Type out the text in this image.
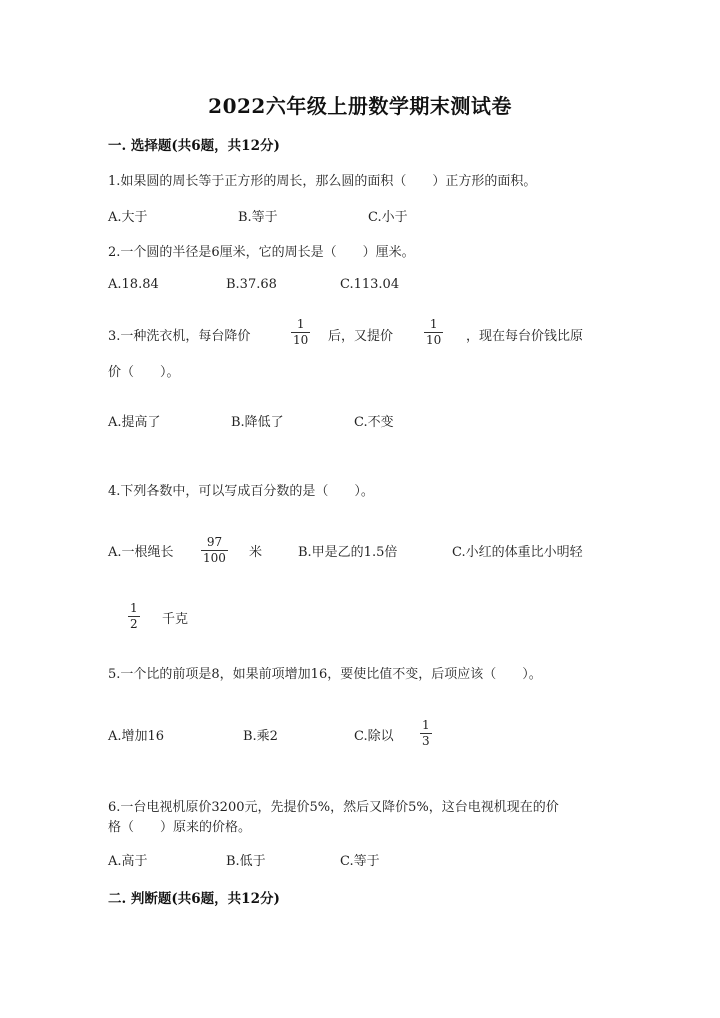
2022六年级上册数学期末测试卷
一. 选择题(共6题，共12分)
1.如果圆的周长等于正方形的周长，那么圆的面积（　　）正方形的面积。
A.大于	B.等于	C.小于
2.一个圆的半径是6厘米，它的周长是（　　）厘米。
A.18.84	B.37.68	C.113.04
3.一种洗衣机，每台降价
1
10 后，又提价
1
10 ，现在每台价钱比原
价（　　）。
A.提高了	B.降低了	C.不变
4.下列各数中，可以写成百分数的是（　　）。
A.一根绳长
97
100 米	B.甲是乙的1.5倍	C.小红的体重比小明轻
1
2 千克
5.一个比的前项是8，如果前项增加16，要使比值不变，后项应该（　　）。
A.增加16	B.乘2	C.除以
1
3
6.一台电视机原价3200元，先提价5%，然后又降价5%，这台电视机现在的价
格（　　）原来的价格。
A.高于	B.低于	C.等于
二. 判断题(共6题，共12分)
